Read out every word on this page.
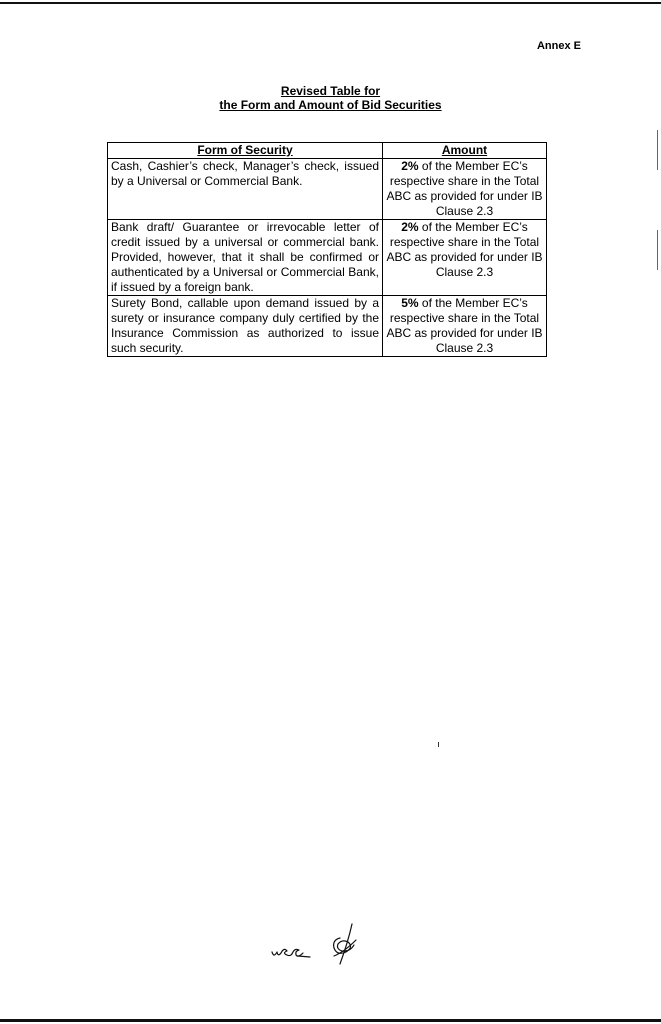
Annex E
Revised Table for
the Form and Amount of Bid Securities
Form of Security	Amount
Cash, Cashier’s check, Manager’s check, issued by a Universal or Commercial Bank.	2% of the Member EC’s respective share in the Total ABC as provided for under IB Clause 2.3
Bank draft/ Guarantee or irrevocable letter of credit issued by a universal or commercial bank. Provided, however, that it shall be confirmed or authenticated by a Universal or Commercial Bank, if issued by a foreign bank.	2% of the Member EC’s respective share in the Total ABC as provided for under IB Clause 2.3
Surety Bond, callable upon demand issued by a surety or insurance company duly certified by the Insurance Commission as authorized to issue such security.	5% of the Member EC’s respective share in the Total ABC as provided for under IB Clause 2.3
